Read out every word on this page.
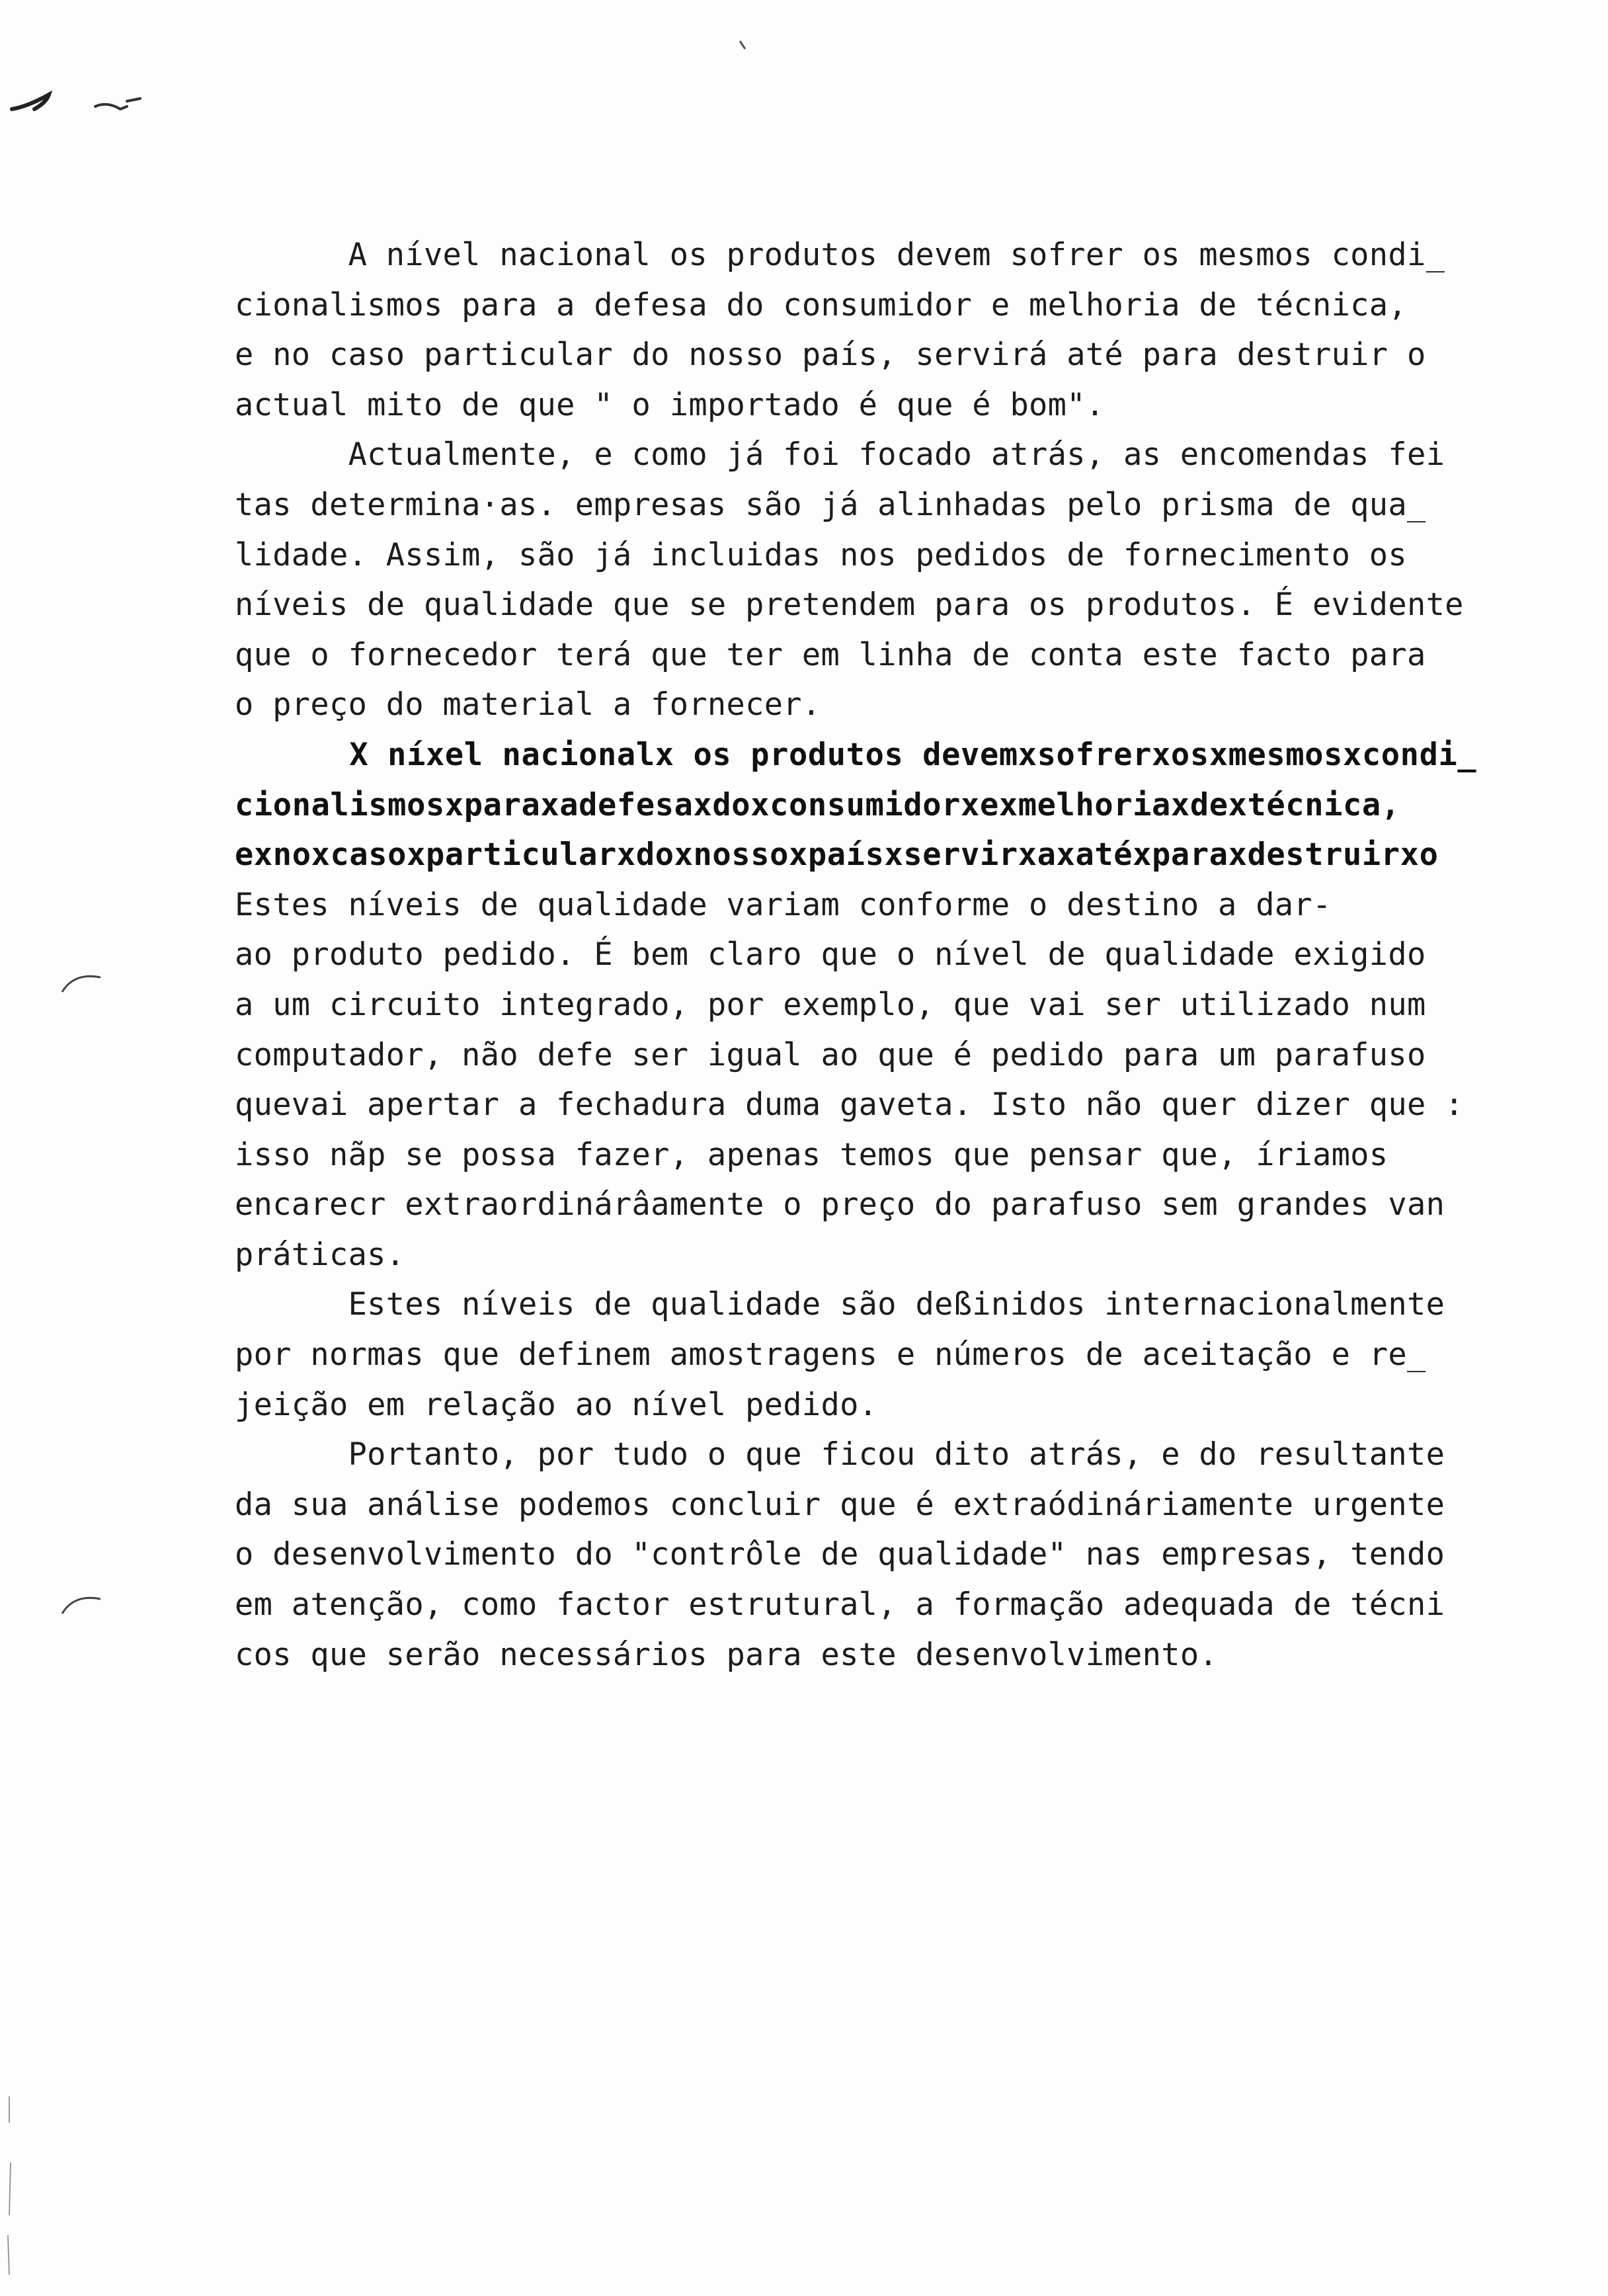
A nível nacional os produtos devem sofrer os mesmos condi_
cionalismos para a defesa do consumidor e melhoria de técnica,
e no caso particular do nosso país, servirá até para destruir o
actual mito de que " o importado é que é bom".
Actualmente, e como já foi focado atrás, as encomendas fei
tas determina·as. empresas são já alinhadas pelo prisma de qua_
lidade. Assim, são já incluidas nos pedidos de fornecimento os
níveis de qualidade que se pretendem para os produtos. É evidente
que o fornecedor terá que ter em linha de conta este facto para
o preço do material a fornecer.
X níxel nacionalx os produtos devemxsofrerxosxmesmosxcondi_
cionalismosxparaxadefesaxdoxconsumidorxexmelhoriaxdextécnica,
exnoxcasoxparticularxdoxnossoxpaísxservirxaxatéxparaxdestruirxo
Estes níveis de qualidade variam conforme o destino a dar-
ao produto pedido. É bem claro que o nível de qualidade exigido
a um circuito integrado, por exemplo, que vai ser utilizado num
computador, não defe ser igual ao que é pedido para um parafuso
quevai apertar a fechadura duma gaveta. Isto não quer dizer que :
isso nãp se possa fazer, apenas temos que pensar que, íriamos
encarecr extraordinárâamente o preço do parafuso sem grandes van
práticas.
Estes níveis de qualidade são deßinidos internacionalmente
por normas que definem amostragens e números de aceitação e re_
jeição em relação ao nível pedido.
Portanto, por tudo o que ficou dito atrás, e do resultante
da sua análise podemos concluir que é extraódináriamente urgente
o desenvolvimento do "contrôle de qualidade" nas empresas, tendo
em atenção, como factor estrutural, a formação adequada de técni
cos que serão necessários para este desenvolvimento.
